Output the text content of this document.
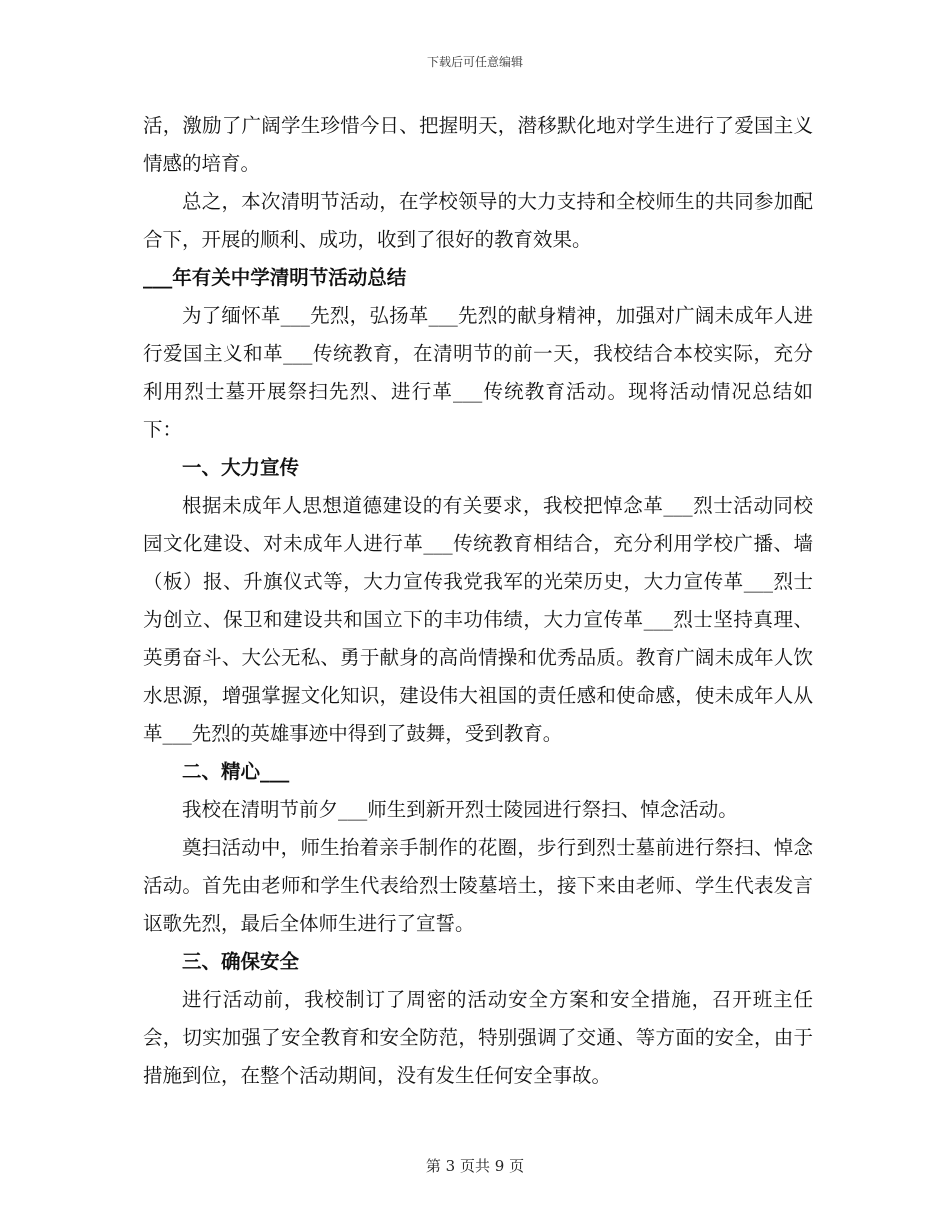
下载后可任意编辑

活，激励了广阔学生珍惜今日、把握明天，潜移默化地对学生进行了爱国主义情感的培育。

总之，本次清明节活动，在学校领导的大力支持和全校师生的共同参加配合下，开展的顺利、成功，收到了很好的教育效果。

___年有关中学清明节活动总结

为了缅怀革___先烈，弘扬革___先烈的献身精神，加强对广阔未成年人进行爱国主义和革___传统教育，在清明节的前一天，我校结合本校实际，充分利用烈士墓开展祭扫先烈、进行革___传统教育活动。现将活动情况总结如下：

一、大力宣传

根据未成年人思想道德建设的有关要求，我校把悼念革___烈士活动同校园文化建设、对未成年人进行革___传统教育相结合，充分利用学校广播、墙（板）报、升旗仪式等，大力宣传我党我军的光荣历史，大力宣传革___烈士为创立、保卫和建设共和国立下的丰功伟绩，大力宣传革___烈士坚持真理、英勇奋斗、大公无私、勇于献身的高尚情操和优秀品质。教育广阔未成年人饮水思源，增强掌握文化知识，建设伟大祖国的责任感和使命感，使未成年人从革___先烈的英雄事迹中得到了鼓舞，受到教育。

二、精心___

我校在清明节前夕___师生到新开烈士陵园进行祭扫、悼念活动。

奠扫活动中，师生抬着亲手制作的花圈，步行到烈士墓前进行祭扫、悼念活动。首先由老师和学生代表给烈士陵墓培土，接下来由老师、学生代表发言讴歌先烈，最后全体师生进行了宣誓。

三、确保安全

进行活动前，我校制订了周密的活动安全方案和安全措施，召开班主任会，切实加强了安全教育和安全防范，特别强调了交通、等方面的安全，由于措施到位，在整个活动期间，没有发生任何安全事故。

第 3 页共 9 页
